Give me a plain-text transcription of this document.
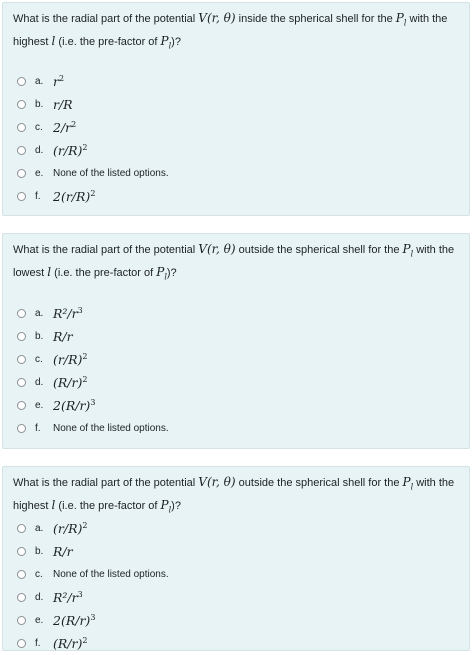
What is the radial part of the potential V(r, θ) inside the spherical shell for the $P_l$ with the highest l (i.e. the pre-factor of $P_l$)?

a. $r^2$
b. r/R
c. $2/r^2$
d. $(r/R)^2$
e. None of the listed options.
f. $2(r/R)^2$

What is the radial part of the potential V(r, θ) outside the spherical shell for the $P_l$ with the lowest l (i.e. the pre-factor of $P_l$)?

a. $R^2/r^3$
b. R/r
c. $(r/R)^2$
d. $(R/r)^2$
e. $2(R/r)^3$
f.	None of the listed options.

What is the radial part of the potential V(r, θ) outside the spherical shell for the $P_l$ with the highest l (i.e. the pre-factor of $P_l$)?

a. $(r/R)^2$
b. R/r
c.	None of the listed options.
d. $R^2/r^3$
e. $2(R/r)^3$
f. $(R/r)^2$
